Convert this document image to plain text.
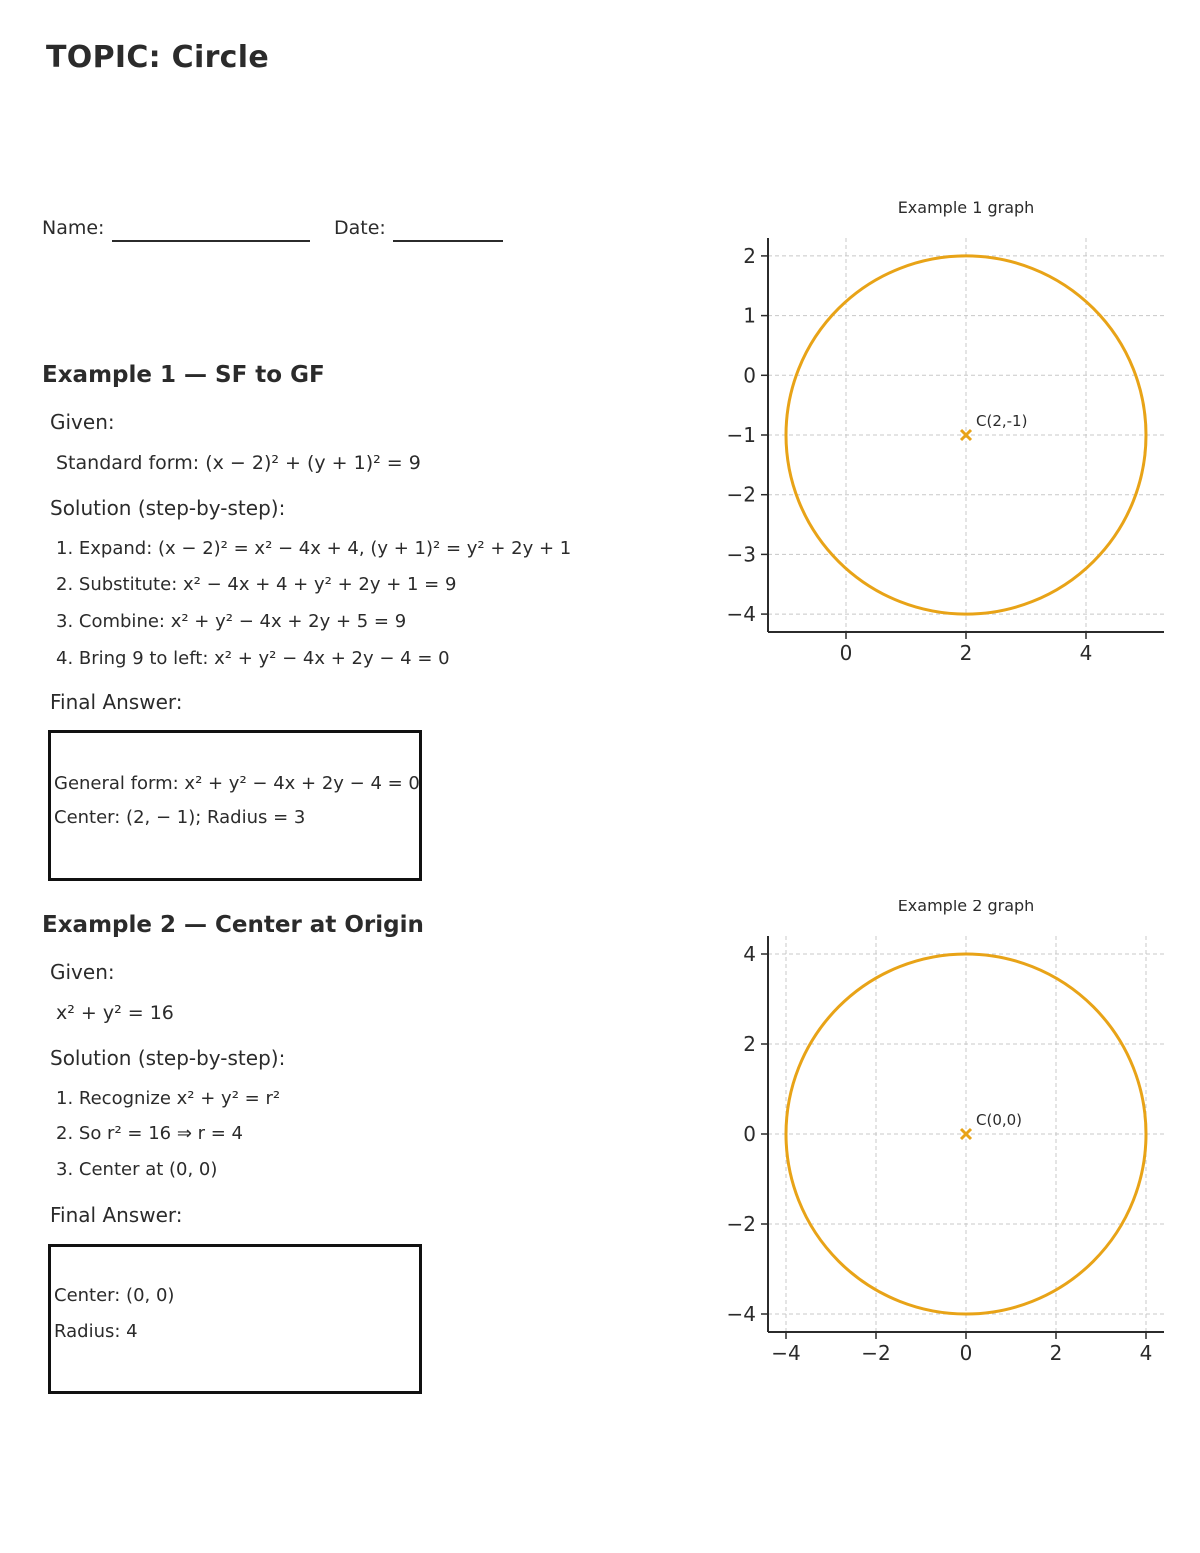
TOPIC: Circle
Name:	Date:
Example 1 — SF to GF
Given:
Standard form: (x − 2)² + (y + 1)² = 9
Solution (step-by-step):
1. Expand: (x − 2)² = x² − 4x + 4, (y + 1)² = y² + 2y + 1
2. Substitute: x² − 4x + 4 + y² + 2y + 1 = 9
3. Combine: x² + y² − 4x + 2y + 5 = 9
4. Bring 9 to left: x² + y² − 4x + 2y − 4 = 0
Final Answer:
General form: x² + y² − 4x + 2y − 4 = 0
Center: (2, − 1); Radius = 3
Example 2 — Center at Origin
Given:
x² + y² = 16
Solution (step-by-step):
1. Recognize x² + y² = r²
2. So r² = 16 ⇒ r = 4
3. Center at (0, 0)
Final Answer:
Center: (0, 0)
Radius: 4
Example 1 graph
0	2	4
2
1
0
−1
−2
−3
−4
C(2,-1)
Example 2 graph
−4	−2	0	2	4
4
2
0
−2
−4
C(0,0)
